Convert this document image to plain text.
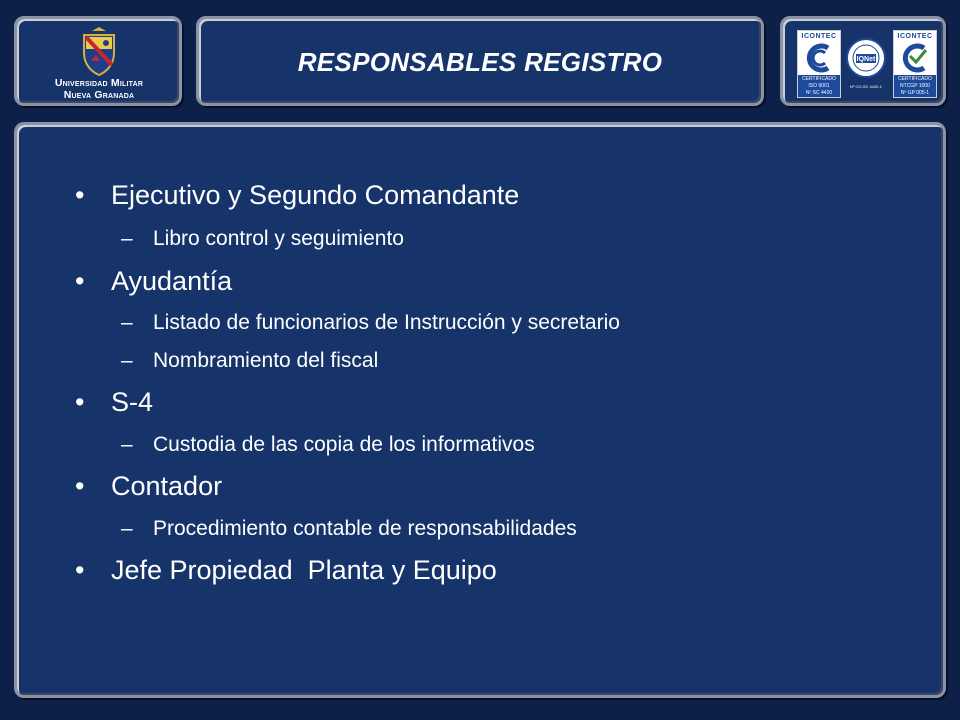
Universidad Militar
Nueva Granada
RESPONSABLES REGISTRO
ICONTEC
CERTIFICADO
ISO 9001
Nº SC 4420
IQNet
Nº CO-SC 4420-1
ICONTEC
CERTIFICADO
NTCGP 1000
Nº GP 005-1
• Ejecutivo y Segundo Comandante
– Libro control y seguimiento
• Ayudantía
– Listado de funcionarios de Instrucción y secretario
– Nombramiento del fiscal
• S-4
– Custodia de las copia de los informativos
• Contador
– Procedimiento contable de responsabilidades
• Jefe Propiedad  Planta y Equipo
